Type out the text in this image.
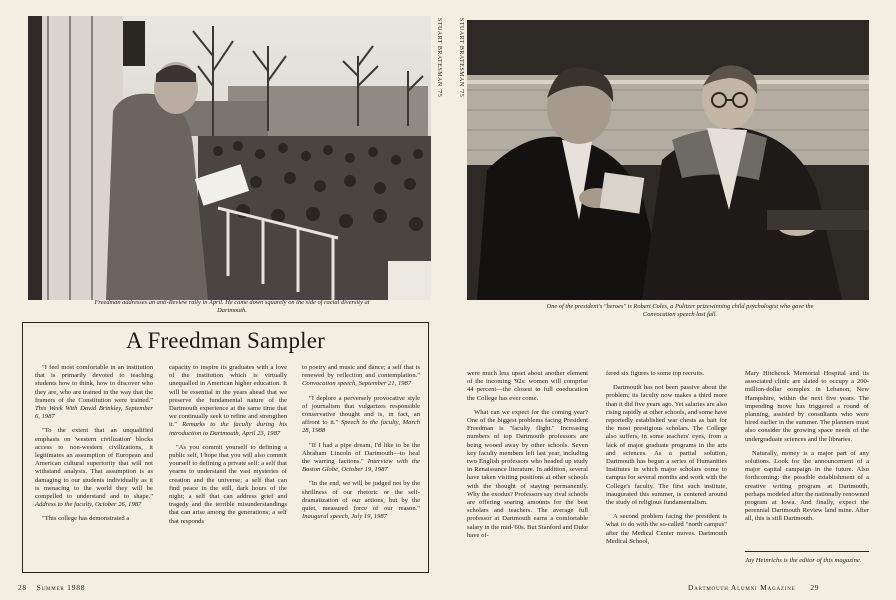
STUART BRATESMAN '75
Freedman addresses an anti-Review rally in April. He came down squarely on the side of racial diversity at Dartmouth.
STUART BRATESMAN '75
One of the president's "heroes" is Robert Coles, a Pulitzer prizewinning child psychologist who gave the Convocation speech last fall.
A Freedman Sampler

"I feel most comfortable in an institution that is primarily devoted to teaching students how to think, how to discover who they are, who are trained in the way that the framers of the Constitution were trained." This Week With David Brinkley, September 6, 1987

"To the extent that an unqualified emphasis on 'western civilization' blocks access to non-western civilizations, it legitimates an assumption of European and American cultural superiority that will not withstand analysis. That assumption is as damaging to our students individually as it is menacing to the world they will be compelled to understand and to shape." Address to the faculty, October 26, 1987

"This college has demonstrated a

capacity to inspire its graduates with a love of the institution which is virtually unequalled in American higher education. It will be essential in the years ahead that we preserve the fundamental nature of the Dartmouth experience at the same time that we continually seek to refine and strengthen it." Remarks to the faculty during his introduction to Dartmouth, April 23, 1987

"As you commit yourself to defining a public self, I hope that you will also commit yourself to defining a private self: a self that yearns to understand the vast mysteries of creation and the universe; a self that can find peace in the still, dark hours of the night; a self that can address grief and tragedy and the terrible misunderstandings that can arise among the generations; a self that responds

to poetry and music and dance; a self that is renewed by reflection and contemplation." Convocation speech, September 21, 1987

"I deplore a perversely provocative style of journalism that vulgarizes responsible conservative thought and is, in fact, an affront to it." Speech to the faculty, March 28, 1988

"If I had a pipe dream, I'd like to be the Abraham Lincoln of Dartmouth—to heal the warring factions." Interview with the Boston Globe, October 19, 1987

"In the end, we will be judged not by the shrillness of our rhetoric or the self-dramatization of our actions, but by the quiet, measured force of our reason." Inaugural speech, July 19, 1987

were much less upset about another element of the incoming '92s: women will comprise 44 percent—the closest to full coeducation the College has ever come.

What can we expect for the coming year? One of the biggest problems facing President Freedman is "faculty flight." Increasing numbers of top Dartmouth professors are being wooed away by other schools. Seven key faculty members left last year, including two English professors who headed up study in Renaissance literature. In addition, several have taken visiting positions at other schools with the thought of staying permanently. Why the exodus? Professors say rival schools are offering soaring amounts for the best scholars and teachers. The average full professor at Dartmouth earns a comfortable salary in the mid-'60s. But Stanford and Duke have of-

fered six figures to some top recruits.

Dartmouth has not been passive about the problem; its faculty now makes a third more than it did five years ago. Yet salaries are also rising rapidly at other schools, and some have reportedly established war chests as bait for the most prestigious scholars. The College also suffers, in some teachers' eyes, from a lack of major graduate programs in the arts and sciences. As a partial solution, Dartmouth has begun a series of Humanities Institutes in which major scholars come to campus for several months and work with the College's faculty. The first such institute, inaugurated this summer, is centered around the study of religious fundamentalism.

A second problem facing the president is what to do with the so-called "north campus" after the Medical Center moves. Dartmouth Medical School,

Mary Hitchcock Memorial Hospital and its associated clinic are slated to occupy a 200-million-dollar complex in Lebanon, New Hampshire, within the next five years. The impending move has triggered a round of planning, assisted by consultants who were hired earlier in the summer. The planners must also consider the growing space needs of the undergraduate sciences and the libraries.

Naturally, money is a major part of any solutions. Look for the announcement of a major capital campaign in the future. Also forthcoming: the possible establishment of a creative writing program at Dartmouth, perhaps modeled after the nationally renowned program at Iowa. And finally, expect the perennial Dartmouth Review land mine. After all, this is still Dartmouth.

Jay Heinrichs is the editor of this magazine.
28 Summer 1988	Dartmouth Alumni Magazine 29
